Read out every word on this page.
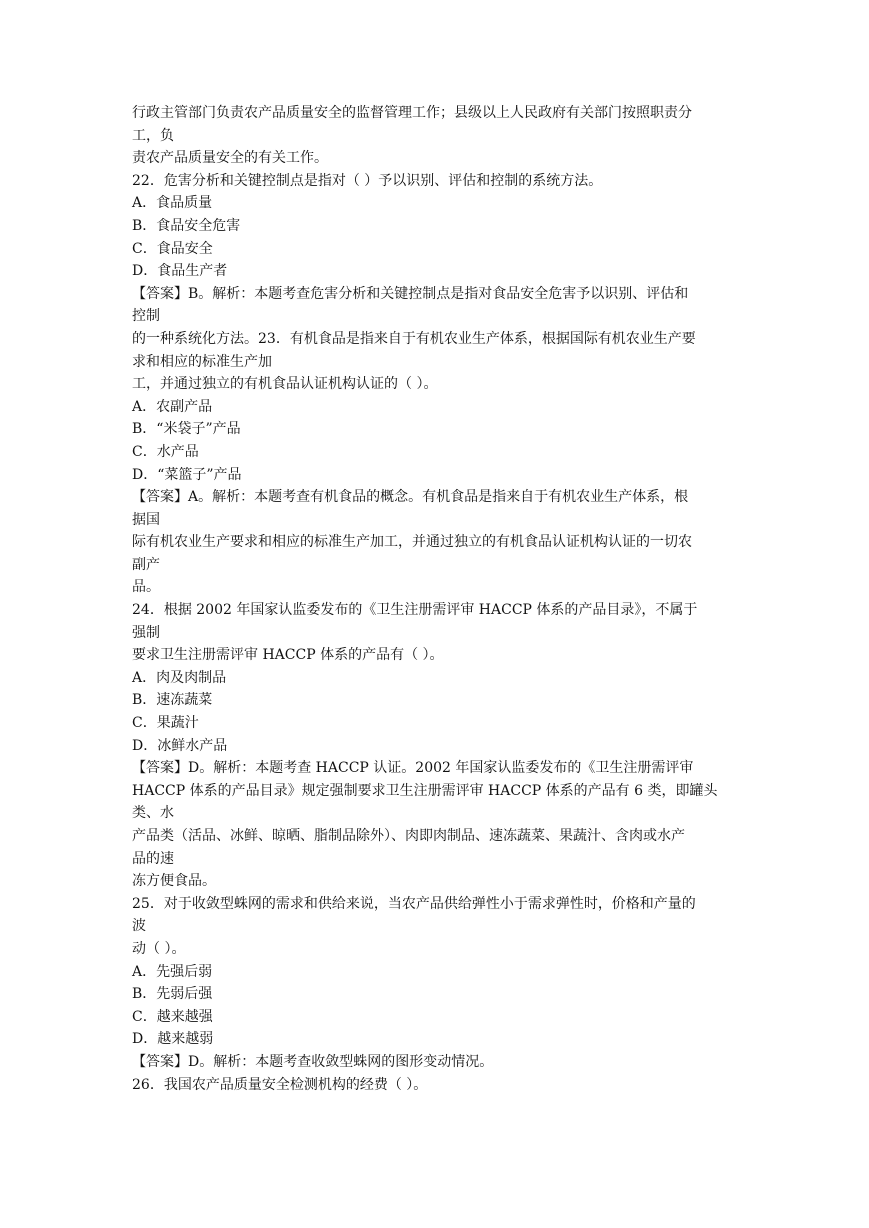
行政主管部门负责农产品质量安全的监督管理工作；县级以上人民政府有关部门按照职责分
工，负
责农产品质量安全的有关工作。
22．危害分析和关键控制点是指对（ ）予以识别、评估和控制的系统方法。
A．食品质量
B．食品安全危害
C．食品安全
D．食品生产者
【答案】B。解析：本题考查危害分析和关键控制点是指对食品安全危害予以识别、评估和
控制
的一种系统化方法。23．有机食品是指来自于有机农业生产体系，根据国际有机农业生产要
求和相应的标准生产加
工，并通过独立的有机食品认证机构认证的（ ）。
A．农副产品
B．“米袋子”产品
C．水产品
D．“菜篮子”产品
【答案】A。解析：本题考查有机食品的概念。有机食品是指来自于有机农业生产体系，根
据国
际有机农业生产要求和相应的标准生产加工，并通过独立的有机食品认证机构认证的一切农
副产
品。
24．根据 2002 年国家认监委发布的《卫生注册需评审 HACCP 体系的产品目录》，不属于
强制
要求卫生注册需评审 HACCP 体系的产品有（ ）。
A．肉及肉制品
B．速冻蔬菜
C．果蔬汁
D．冰鲜水产品
【答案】D。解析：本题考查 HACCP 认证。2002 年国家认监委发布的《卫生注册需评审
HACCP 体系的产品目录》规定强制要求卫生注册需评审 HACCP 体系的产品有 6 类，即罐头
类、水
产品类（活品、冰鲜、晾晒、脂制品除外）、肉即肉制品、速冻蔬菜、果蔬汁、含肉或水产
品的速
冻方便食品。
25．对于收敛型蛛网的需求和供给来说，当农产品供给弹性小于需求弹性时，价格和产量的
波
动（ ）。
A．先强后弱
B．先弱后强
C．越来越强
D．越来越弱
【答案】D。解析：本题考查收敛型蛛网的图形变动情况。
26．我国农产品质量安全检测机构的经费（ ）。
